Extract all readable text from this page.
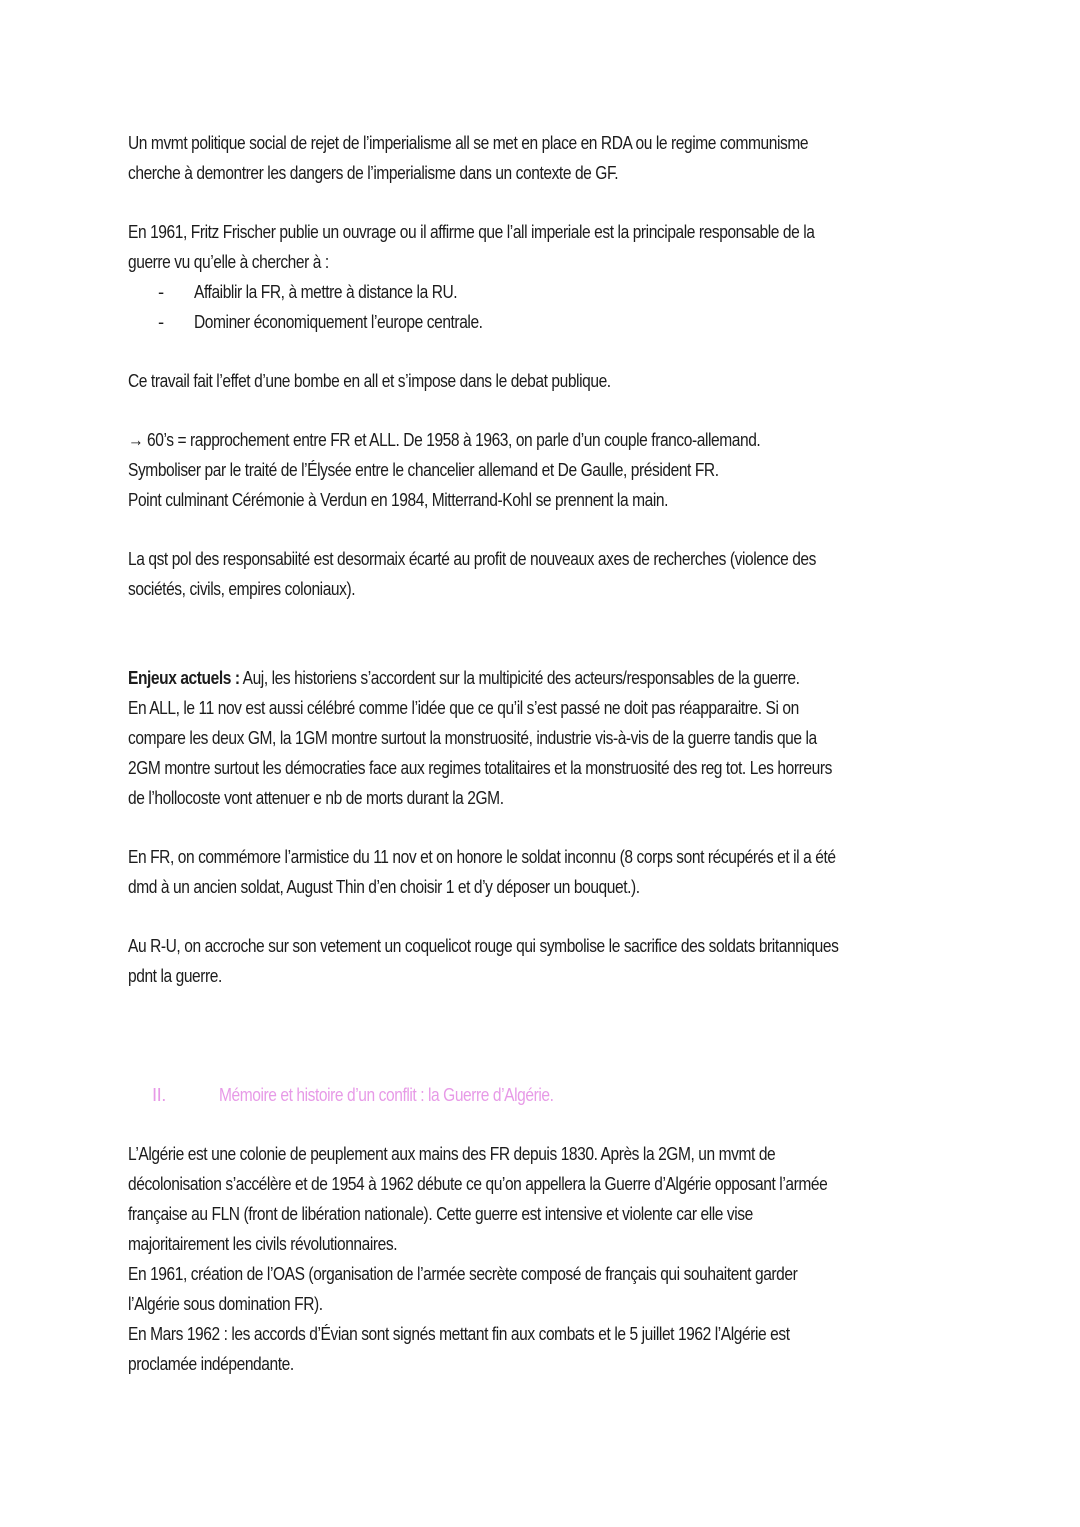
Un mvmt politique social de rejet de l’imperialisme all se met en place en RDA ou le regime communisme
cherche à demontrer les dangers de l’imperialisme dans un contexte de GF.

En 1961, Fritz Frischer publie un ouvrage ou il affirme que l’all imperiale est la principale responsable de la
guerre vu qu’elle à chercher à :

- Affaiblir la FR, à mettre à distance la RU.
- Dominer économiquement l’europe centrale.

Ce travail fait l’effet d’une bombe en all et s’impose dans le debat publique.

→ 60’s = rapprochement entre FR et ALL. De 1958 à 1963, on parle d’un couple franco-allemand.
Symboliser par le traité de l’Élysée entre le chancelier allemand et De Gaulle, président FR.
Point culminant Cérémonie à Verdun en 1984, Mitterrand-Kohl se prennent la main.

La qst pol des responsabiité est desormaix écarté au profit de nouveaux axes de recherches (violence des
sociétés, civils, empires coloniaux).

Enjeux actuels : Auj, les historiens s’accordent sur la multipicité des acteurs/responsables de la guerre.
En ALL, le 11 nov est aussi célébré comme l’idée que ce qu’il s’est passé ne doit pas réapparaitre. Si on
compare les deux GM, la 1GM montre surtout la monstruosité, industrie vis-à-vis de la guerre tandis que la
2GM montre surtout les démocraties face aux regimes totalitaires et la monstruosité des reg tot. Les horreurs
de l’hollocoste vont attenuer e nb de morts durant la 2GM.

En FR, on commémore l’armistice du 11 nov et on honore le soldat inconnu (8 corps sont récupérés et il a été
dmd à un ancien soldat, August Thin d’en choisir 1 et d’y déposer un bouquet.).

Au R-U, on accroche sur son vetement un coquelicot rouge qui symbolise le sacrifice des soldats britanniques
pdnt la guerre.

II.	Mémoire et histoire d’un conflit : la Guerre d’Algérie.

L’Algérie est une colonie de peuplement aux mains des FR depuis 1830. Après la 2GM, un mvmt de
décolonisation s’accélère et de 1954 à 1962 débute ce qu’on appellera la Guerre d’Algérie opposant l’armée
française au FLN (front de libération nationale). Cette guerre est intensive et violente car elle vise
majoritairement les civils révolutionnaires.
En 1961, création de l’OAS (organisation de l’armée secrète composé de français qui souhaitent garder
l’Algérie sous domination FR).
En Mars 1962 : les accords d’Évian sont signés mettant fin aux combats et le 5 juillet 1962 l’Algérie est
proclamée indépendante.
